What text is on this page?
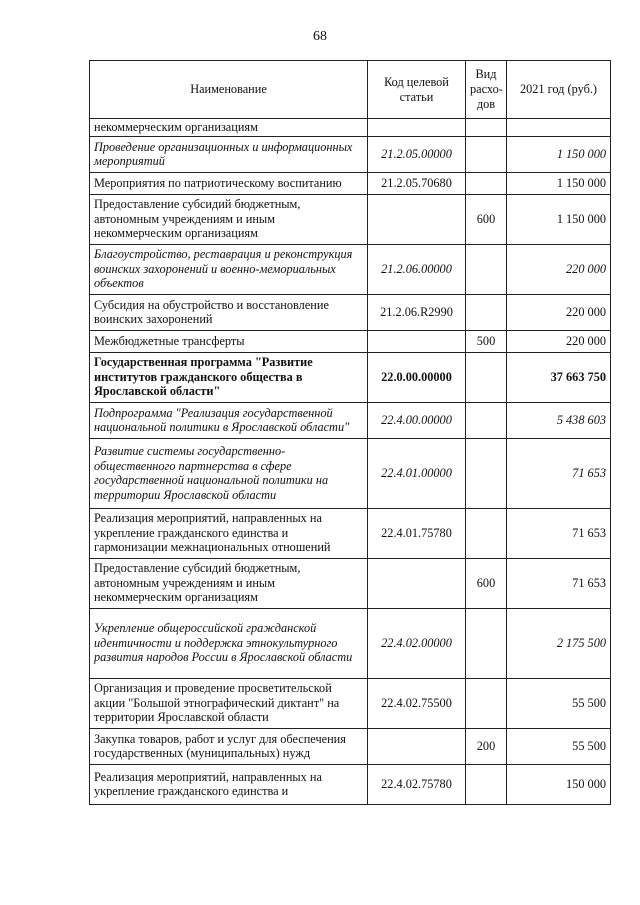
68
Наименование	Код целевой статьи	Вид расхо-дов	2021 год (руб.)
некоммерческим организациям			
Проведение организационных и информационных мероприятий	21.2.05.00000		1 150 000
Мероприятия по патриотическому воспитанию	21.2.05.70680		1 150 000
Предоставление субсидий бюджетным, автономным учреждениям и иным некоммерческим организациям		600	1 150 000
Благоустройство, реставрация и реконструкция воинских захоронений и военно-мемориальных объектов	21.2.06.00000		220 000
Субсидия на обустройство и восстановление воинских захоронений	21.2.06.R2990		220 000
Межбюджетные трансферты		500	220 000
Государственная программа "Развитие институтов гражданского общества в Ярославской области"	22.0.00.00000		37 663 750
Подпрограмма "Реализация государственной национальной политики в Ярославской области"	22.4.00.00000		5 438 603
Развитие системы государственно-общественного партнерства в сфере государственной национальной политики на территории Ярославской области	22.4.01.00000		71 653
Реализация мероприятий, направленных на укрепление гражданского единства и гармонизации межнациональных отношений	22.4.01.75780		71 653
Предоставление субсидий бюджетным, автономным учреждениям и иным некоммерческим организациям		600	71 653
Укрепление общероссийской гражданской идентичности и поддержка этнокультурного развития народов России в Ярославской области	22.4.02.00000		2 175 500
Организация и проведение просветительской акции "Большой этнографический диктант" на территории Ярославской области	22.4.02.75500		55 500
Закупка товаров, работ и услуг для обеспечения государственных (муниципальных) нужд		200	55 500
Реализация мероприятий, направленных на укрепление гражданского единства и	22.4.02.75780		150 000
